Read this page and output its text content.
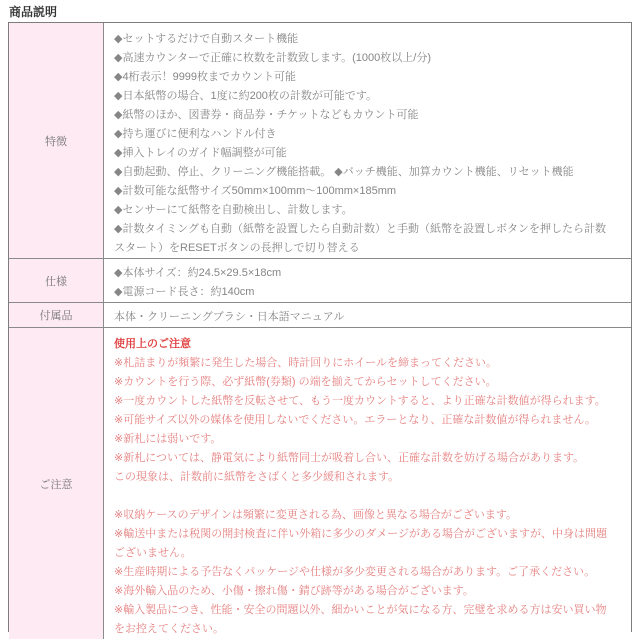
商品説明
特徴
◆セットするだけで自動スタート機能
◆高速カウンターで正確に枚数を計数致します。(1000枚以上/分)
◆4桁表示！9999枚までカウント可能
◆日本紙幣の場合、1度に約200枚の計数が可能です。
◆紙幣のほか、図書券・商品券・チケットなどもカウント可能
◆持ち運びに便利なハンドル付き
◆挿入トレイのガイド幅調整が可能
◆自動起動、停止、クリーニング機能搭載。 ◆バッチ機能、加算カウント機能、リセット機能
◆計数可能な紙幣サイズ50mm×100mm～100mm×185mm
◆センサーにて紙幣を自動検出し、計数します。
◆計数タイミングも自動（紙幣を設置したら自動計数）と手動（紙幣を設置しボタンを押したら計数スタート）をRESETボタンの長押しで切り替える
仕様
◆本体サイズ：約24.5×29.5×18cm
◆電源コード長さ：約140cm
付属品	本体・クリーニングブラシ・日本語マニュアル
ご注意
使用上のご注意
※札詰まりが頻繁に発生した場合、時計回りにホイールを締まってください。
※カウントを行う際、必ず紙幣(券類) の端を揃えてからセットしてください。
※一度カウントした紙幣を反転させて、もう一度カウントすると、より正確な計数値が得られます。
※可能サイズ以外の媒体を使用しないでください。エラーとなり、正確な計数値が得られません。
※新札には弱いです。
※新札については、静電気により紙幣同士が吸着し合い、正確な計数を妨げる場合があります。
この現象は、計数前に紙幣をさばくと多少緩和されます。
※収納ケースのデザインは頻繁に変更される為、画像と異なる場合がございます。
※輸送中または税関の開封検査に伴い外箱に多少のダメージがある場合がございますが、中身は問題ございません。
※生産時期による予告なくパッケージや仕様が多少変更される場合があります。ご了承ください。
※海外輸入品のため、小傷・擦れ傷・錆び跡等がある場合がございます。
※輸入製品につき、性能・安全の問題以外、細かいことが気になる方、完璧を求める方は安い買い物をお控えてください。
